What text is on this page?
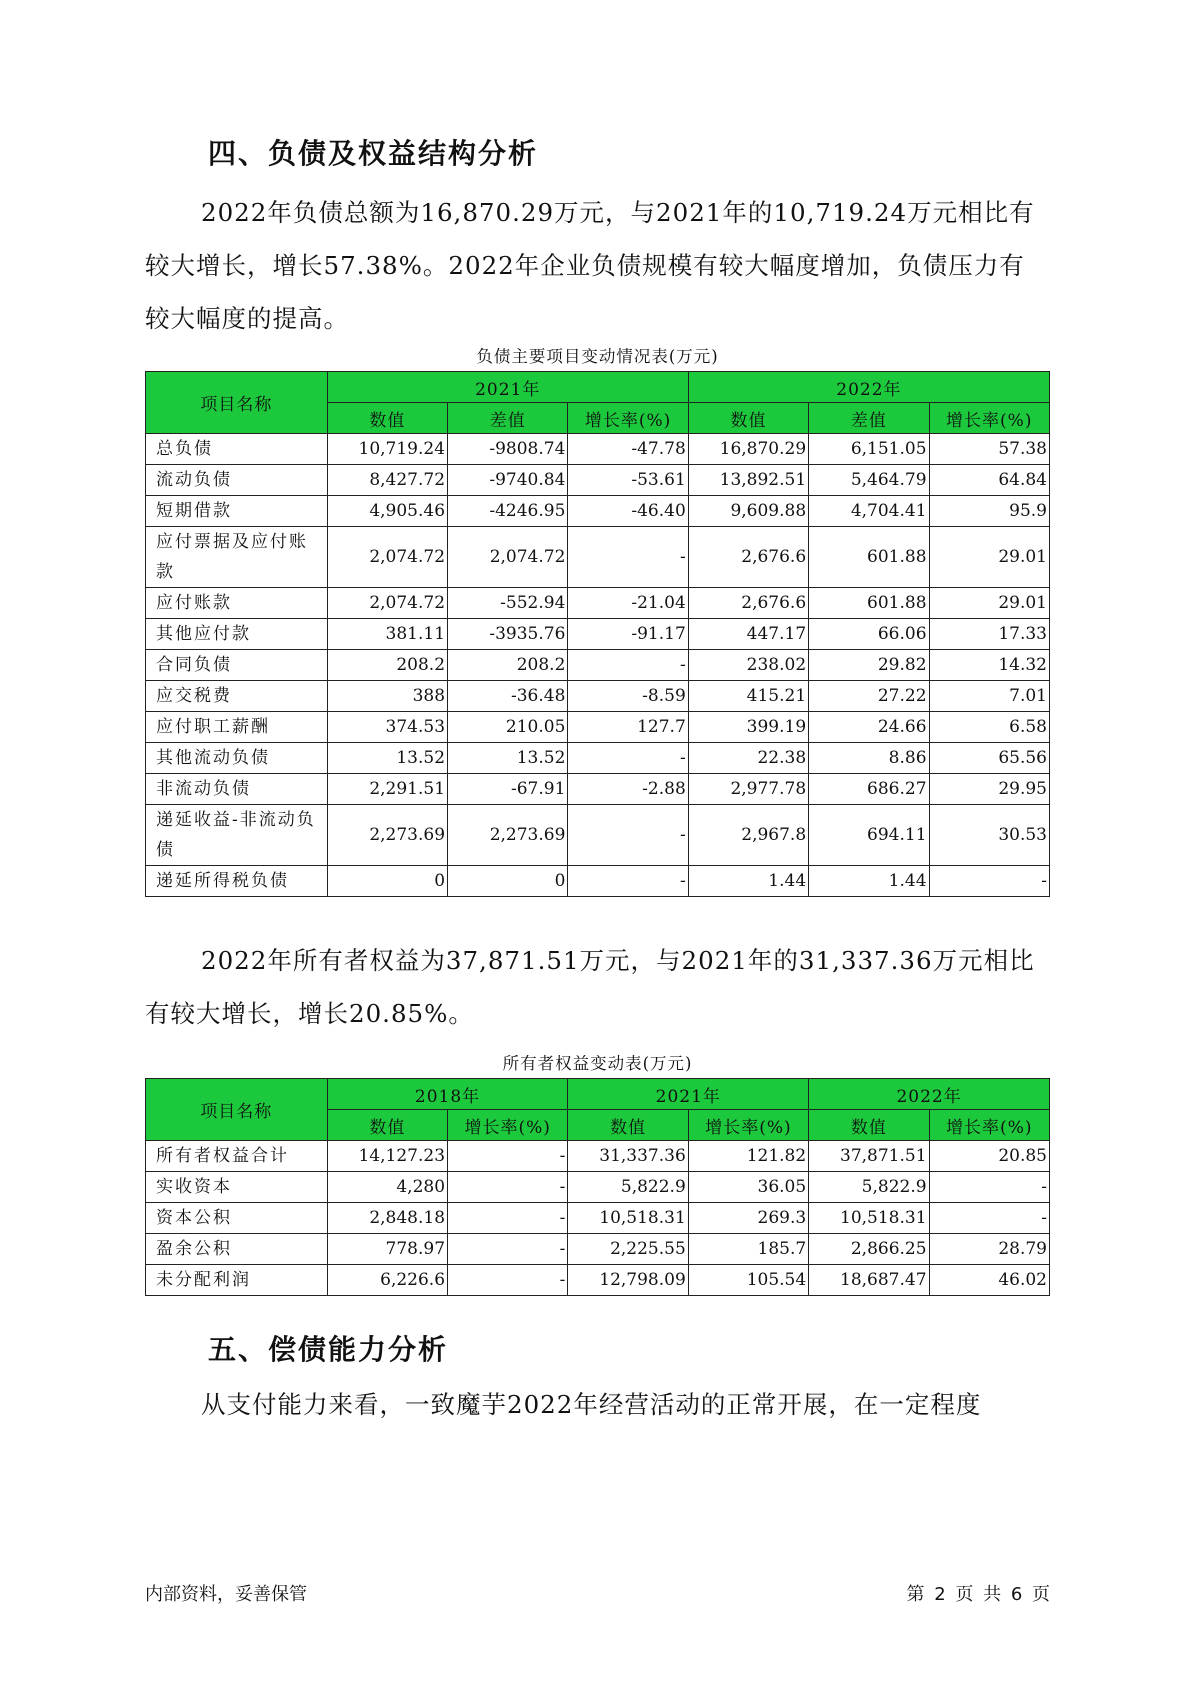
四、负债及权益结构分析

2022年负债总额为16,870.29万元，与2021年的10,719.24万元相比有较大增长，增长57.38%。2022年企业负债规模有较大幅度增加，负债压力有较大幅度的提高。

负债主要项目变动情况表(万元)
项目名称	2021年			2022年		
	数值	差值	增长率(%)	数值	差值	增长率(%)
总负债	10,719.24	-9808.74	-47.78	16,870.29	6,151.05	57.38
流动负债	8,427.72	-9740.84	-53.61	13,892.51	5,464.79	64.84
短期借款	4,905.46	-4246.95	-46.40	9,609.88	4,704.41	95.9
应付票据及应付账款	2,074.72	2,074.72	-	2,676.6	601.88	29.01
应付账款	2,074.72	-552.94	-21.04	2,676.6	601.88	29.01
其他应付款	381.11	-3935.76	-91.17	447.17	66.06	17.33
合同负债	208.2	208.2	-	238.02	29.82	14.32
应交税费	388	-36.48	-8.59	415.21	27.22	7.01
应付职工薪酬	374.53	210.05	127.7	399.19	24.66	6.58
其他流动负债	13.52	13.52	-	22.38	8.86	65.56
非流动负债	2,291.51	-67.91	-2.88	2,977.78	686.27	29.95
递延收益-非流动负债	2,273.69	2,273.69	-	2,967.8	694.11	30.53
递延所得税负债	0	0	-	1.44	1.44	-

2022年所有者权益为37,871.51万元，与2021年的31,337.36万元相比有较大增长，增长20.85%。

所有者权益变动表(万元)
项目名称	2018年		2021年		2022年	
	数值	增长率(%)	数值	增长率(%)	数值	增长率(%)
所有者权益合计	14,127.23	-	31,337.36	121.82	37,871.51	20.85
实收资本	4,280	-	5,822.9	36.05	5,822.9	-
资本公积	2,848.18	-	10,518.31	269.3	10,518.31	-
盈余公积	778.97	-	2,225.55	185.7	2,866.25	28.79
未分配利润	6,226.6	-	12,798.09	105.54	18,687.47	46.02
五、偿债能力分析

从支付能力来看，一致魔芋2022年经营活动的正常开展，在一定程度

内部资料，妥善保管	第 2 页 共 6 页
